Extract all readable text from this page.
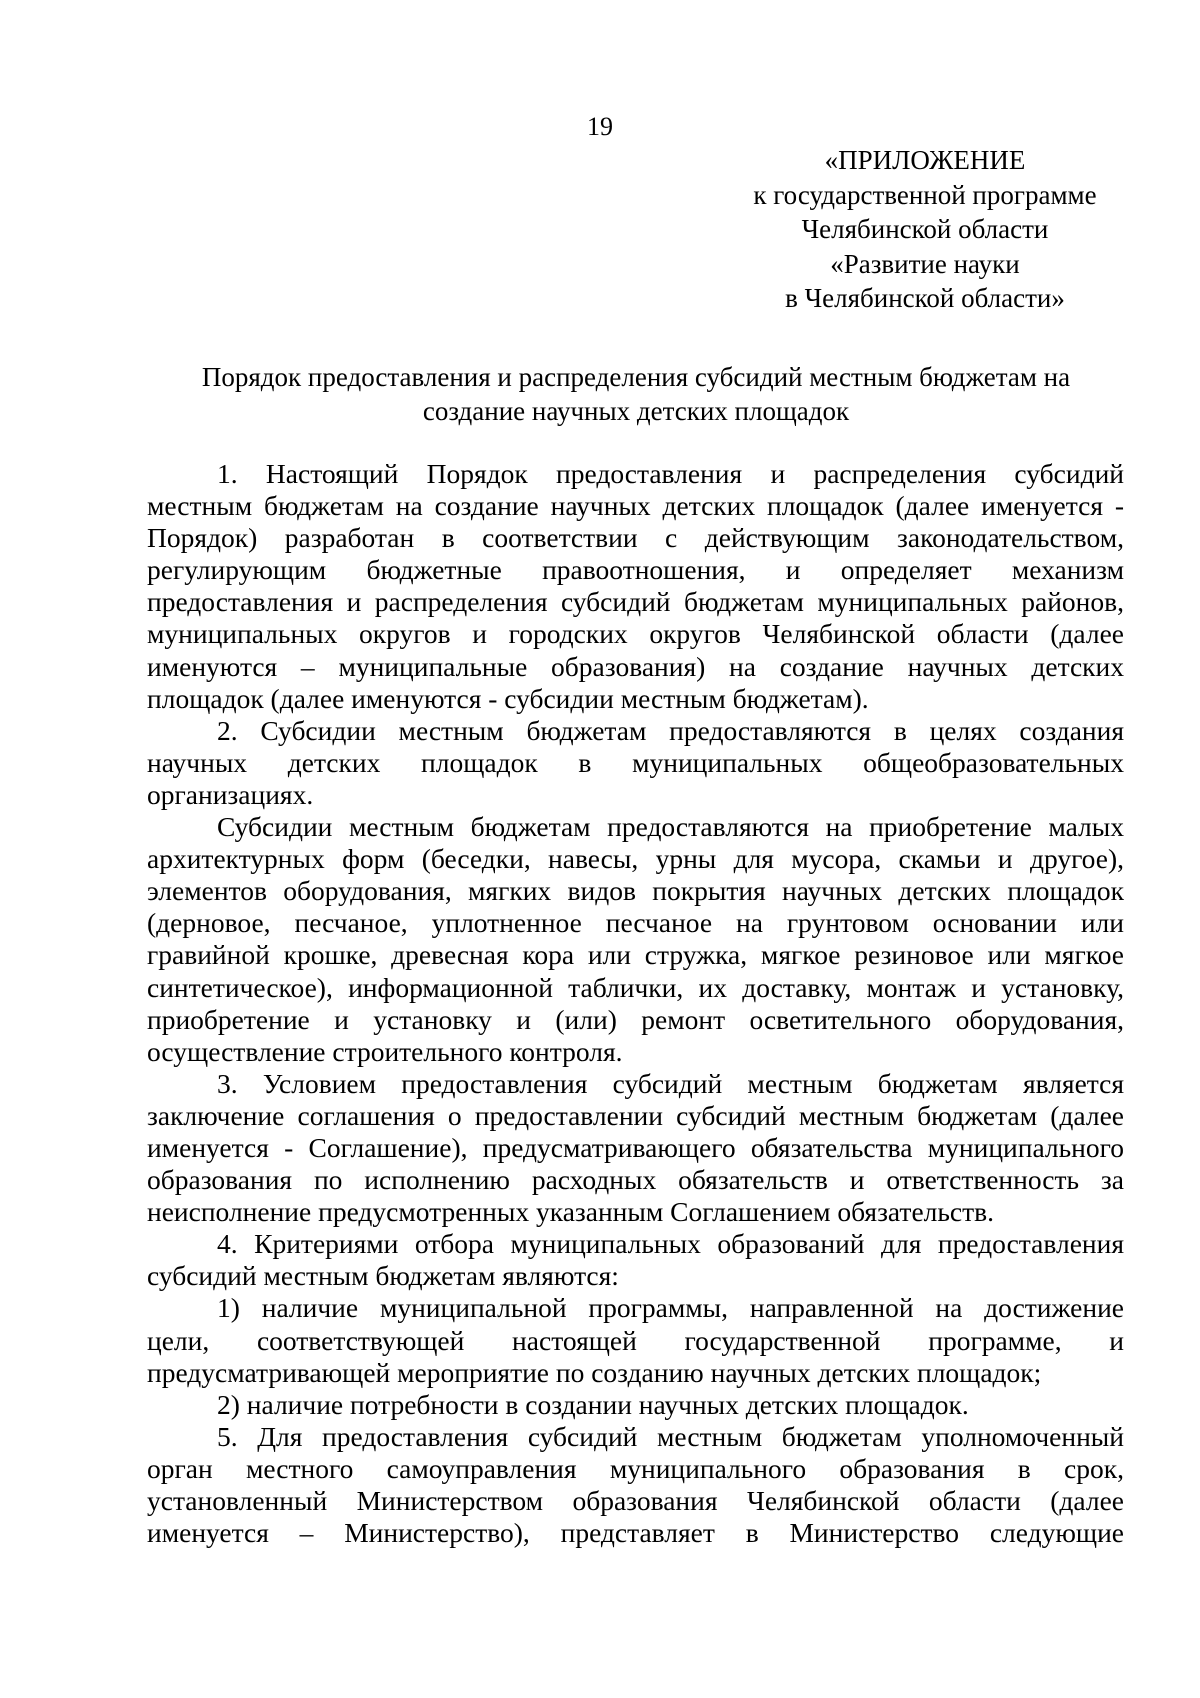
19
«ПРИЛОЖЕНИЕ
к государственной программе
Челябинской области
«Развитие науки
в Челябинской области»
Порядок предоставления и распределения субсидий местным бюджетам на
создание научных детских площадок
1. Настоящий Порядок предоставления и распределения субсидий
местным бюджетам на создание научных детских площадок (далее именуется -
Порядок) разработан в соответствии с действующим законодательством,
регулирующим бюджетные правоотношения, и определяет механизм
предоставления и распределения субсидий бюджетам муниципальных районов,
муниципальных округов и городских округов Челябинской области (далее
именуются – муниципальные образования) на создание научных детских
площадок (далее именуются - субсидии местным бюджетам).
2. Субсидии местным бюджетам предоставляются в целях создания
научных детских площадок в муниципальных общеобразовательных
организациях.
Субсидии местным бюджетам предоставляются на приобретение малых
архитектурных форм (беседки, навесы, урны для мусора, скамьи и другое),
элементов оборудования, мягких видов покрытия научных детских площадок
(дерновое, песчаное, уплотненное песчаное на грунтовом основании или
гравийной крошке, древесная кора или стружка, мягкое резиновое или мягкое
синтетическое), информационной таблички, их доставку, монтаж и установку,
приобретение и установку и (или) ремонт осветительного оборудования,
осуществление строительного контроля.
3. Условием предоставления субсидий местным бюджетам является
заключение соглашения о предоставлении субсидий местным бюджетам (далее
именуется - Соглашение), предусматривающего обязательства муниципального
образования по исполнению расходных обязательств и ответственность за
неисполнение предусмотренных указанным Соглашением обязательств.
4. Критериями отбора муниципальных образований для предоставления
субсидий местным бюджетам являются:
1) наличие муниципальной программы, направленной на достижение
цели, соответствующей настоящей государственной программе, и
предусматривающей мероприятие по созданию научных детских площадок;
2) наличие потребности в создании научных детских площадок.
5. Для предоставления субсидий местным бюджетам уполномоченный
орган местного самоуправления муниципального образования в срок,
установленный Министерством образования Челябинской области (далее
именуется – Министерство), представляет в Министерство следующие
